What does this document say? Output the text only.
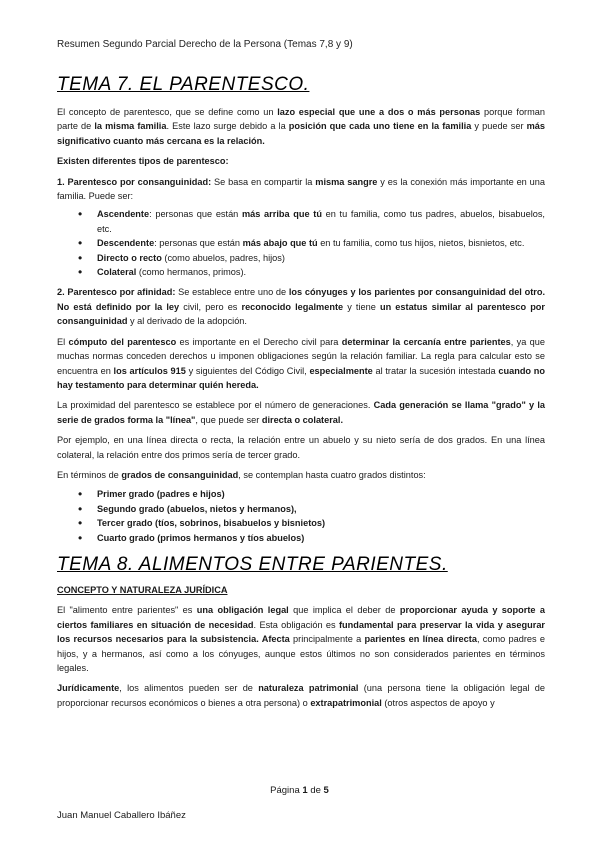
Resumen Segundo Parcial Derecho de la Persona (Temas 7,8 y 9)
TEMA 7. EL PARENTESCO.

El concepto de parentesco, que se define como un lazo especial que une a dos o más personas porque forman parte de la misma familia. Este lazo surge debido a la posición que cada uno tiene en la familia y puede ser más significativo cuanto más cercana es la relación.

Existen diferentes tipos de parentesco:

1. Parentesco por consanguinidad: Se basa en compartir la misma sangre y es la conexión más importante en una familia. Puede ser:

• Ascendente: personas que están más arriba que tú en tu familia, como tus padres, abuelos, bisabuelos, etc.
• Descendente: personas que están más abajo que tú en tu familia, como tus hijos, nietos, bisnietos, etc.
• Directo o recto (como abuelos, padres, hijos)
• Colateral (como hermanos, primos).

2. Parentesco por afinidad: Se establece entre uno de los cónyuges y los parientes por consanguinidad del otro. No está definido por la ley civil, pero es reconocido legalmente y tiene un estatus similar al parentesco por consanguinidad y al derivado de la adopción.

El cómputo del parentesco es importante en el Derecho civil para determinar la cercanía entre parientes, ya que muchas normas conceden derechos u imponen obligaciones según la relación familiar. La regla para calcular esto se encuentra en los artículos 915 y siguientes del Código Civil, especialmente al tratar la sucesión intestada cuando no hay testamento para determinar quién hereda.

La proximidad del parentesco se establece por el número de generaciones. Cada generación se llama "grado" y la serie de grados forma la "línea", que puede ser directa o colateral.

Por ejemplo, en una línea directa o recta, la relación entre un abuelo y su nieto sería de dos grados. En una línea colateral, la relación entre dos primos sería de tercer grado.

En términos de grados de consanguinidad, se contemplan hasta cuatro grados distintos:

• Primer grado (padres e hijos)
• Segundo grado (abuelos, nietos y hermanos),
• Tercer grado (tíos, sobrinos, bisabuelos y bisnietos)
• Cuarto grado (primos hermanos y tíos abuelos)
TEMA 8. ALIMENTOS ENTRE PARIENTES.
CONCEPTO Y NATURALEZA JURÍDICA

El "alimento entre parientes" es una obligación legal que implica el deber de proporcionar ayuda y soporte a ciertos familiares en situación de necesidad. Esta obligación es fundamental para preservar la vida y asegurar los recursos necesarios para la subsistencia. Afecta principalmente a parientes en línea directa, como padres e hijos, y a hermanos, así como a los cónyuges, aunque estos últimos no son considerados parientes en términos legales.

Jurídicamente, los alimentos pueden ser de naturaleza patrimonial (una persona tiene la obligación legal de proporcionar recursos económicos o bienes a otra persona) o extrapatrimonial (otros aspectos de apoyo y

Página 1 de 5
Juan Manuel Caballero Ibáñez
